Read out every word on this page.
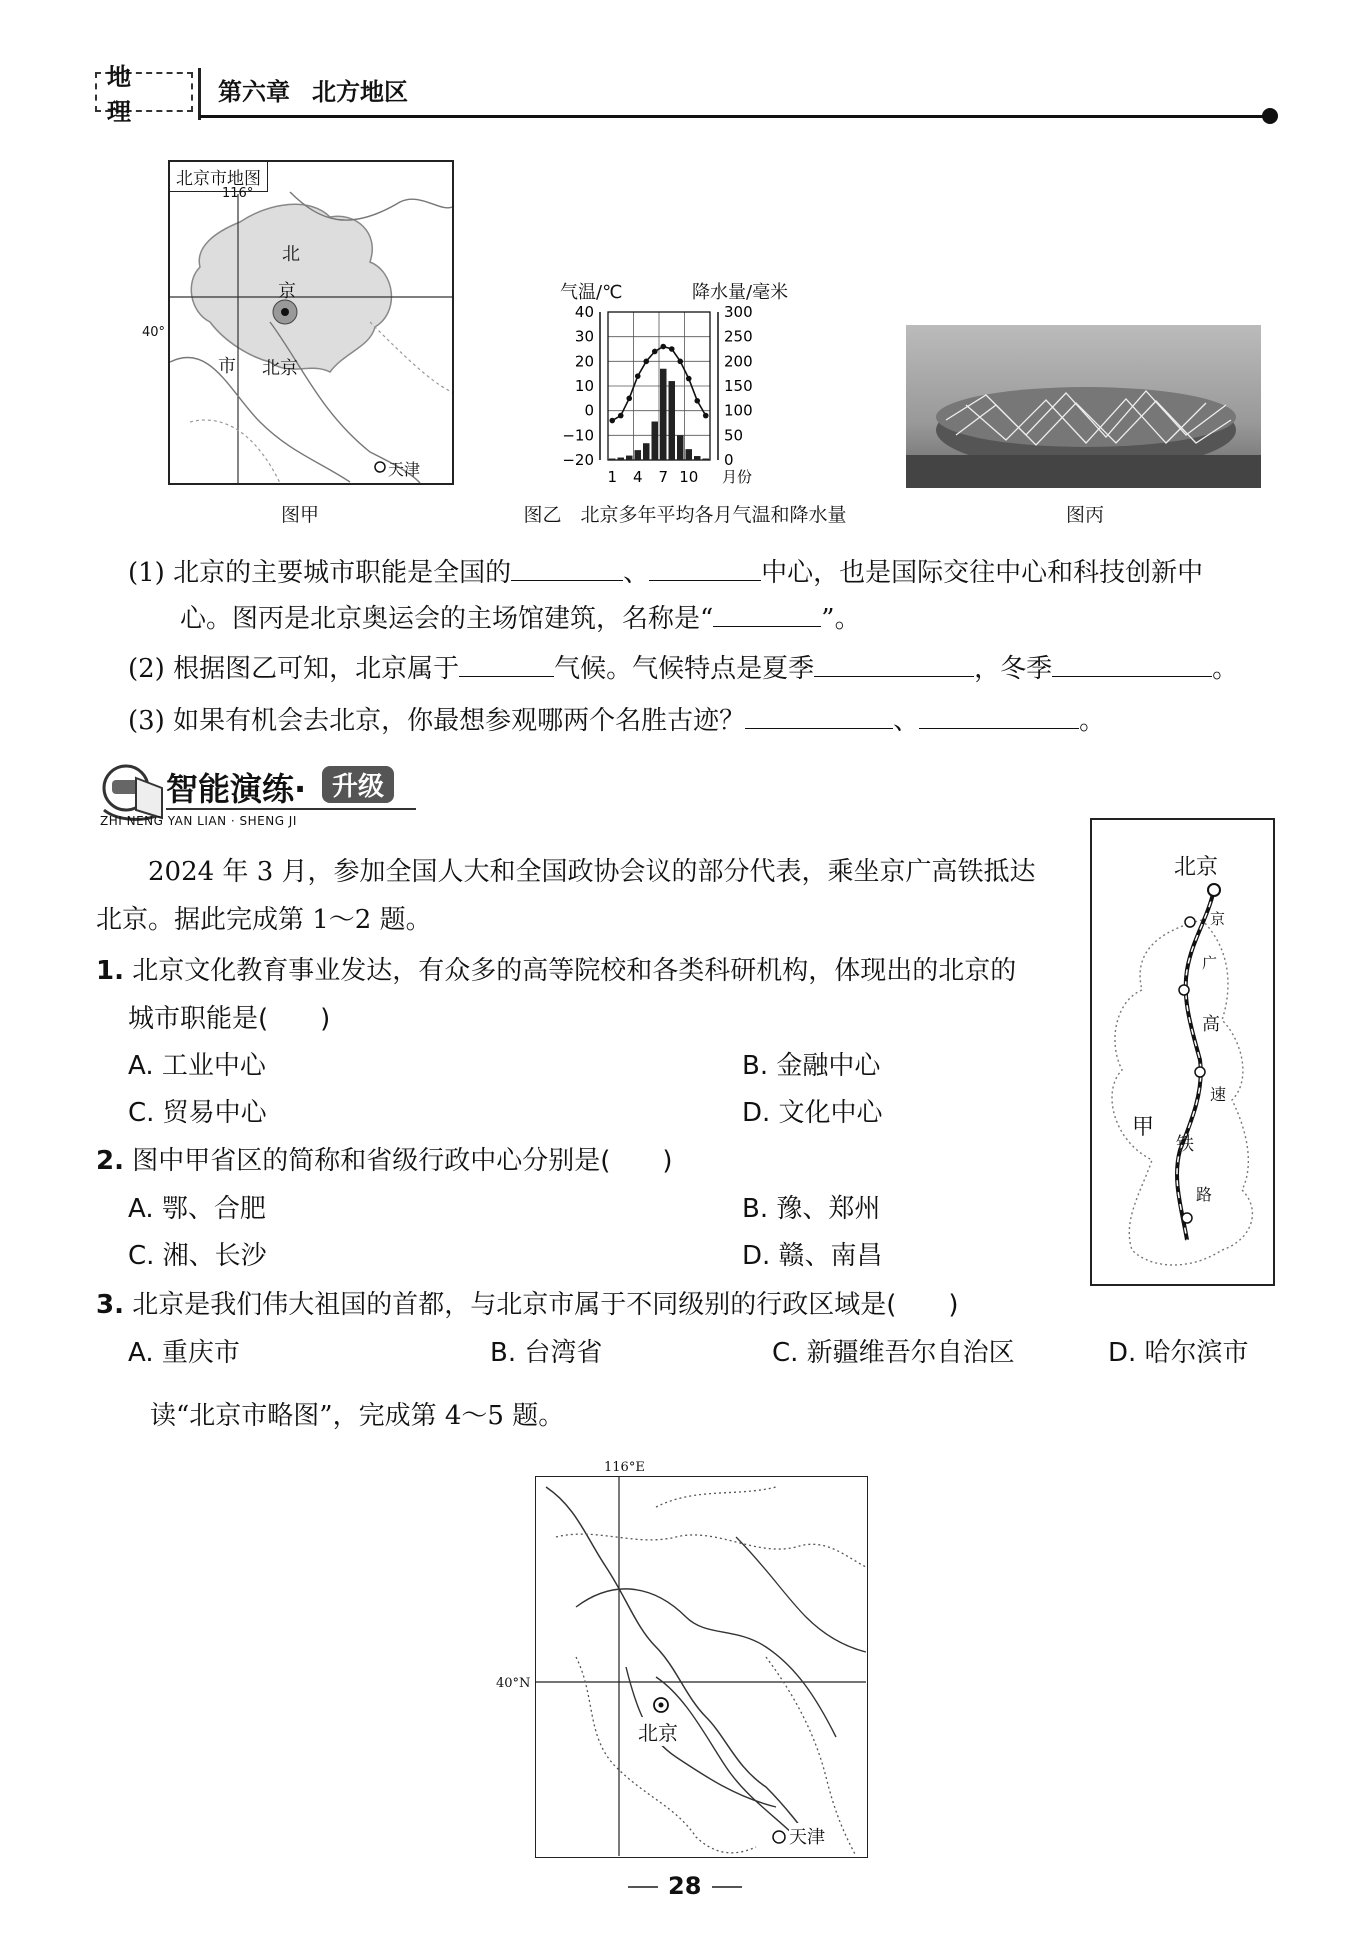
地 理
第六章 北方地区
北京市地图
116°
北
京
市 北京
天津
40°
图甲
气温/℃	降水量/毫米
40	300
30	250
20	200
10	150
0	100
−10	50
−20	0
1 4 7 10 月份
图乙　北京多年平均各月气温和降水量	图丙
(1) 北京的主要城市职能是全国的	、	中心，也是国际交往中心和科技创新中
心。图丙是北京奥运会的主场馆建筑，名称是“	”。
(2) 根据图乙可知，北京属于	气候。气候特点是夏季	，冬季	。
(3) 如果有机会去北京，你最想参观哪两个名胜古迹？	、	。
智能演练· 升级
ZHI NENG YAN LIAN · SHENG JI
2024 年 3 月，参加全国人大和全国政协会议的部分代表，乘坐京广高铁抵达
北京。据此完成第 1～2 题。
北京
京
广
高
速
铁
路
甲
1. 北京文化教育事业发达，有众多的高等院校和各类科研机构，体现出的北京的
城市职能是(　　)
A. 工业中心	B. 金融中心
C. 贸易中心	D. 文化中心
2. 图中甲省区的简称和省级行政中心分别是(　　)
A. 鄂、合肥	B. 豫、郑州
C. 湘、长沙	D. 赣、南昌
3. 北京是我们伟大祖国的首都，与北京市属于不同级别的行政区域是(　　)
A. 重庆市	B. 台湾省	C. 新疆维吾尔自治区	D. 哈尔滨市
读“北京市略图”，完成第 4～5 题。
116°E
40°N
北京
天津
28
